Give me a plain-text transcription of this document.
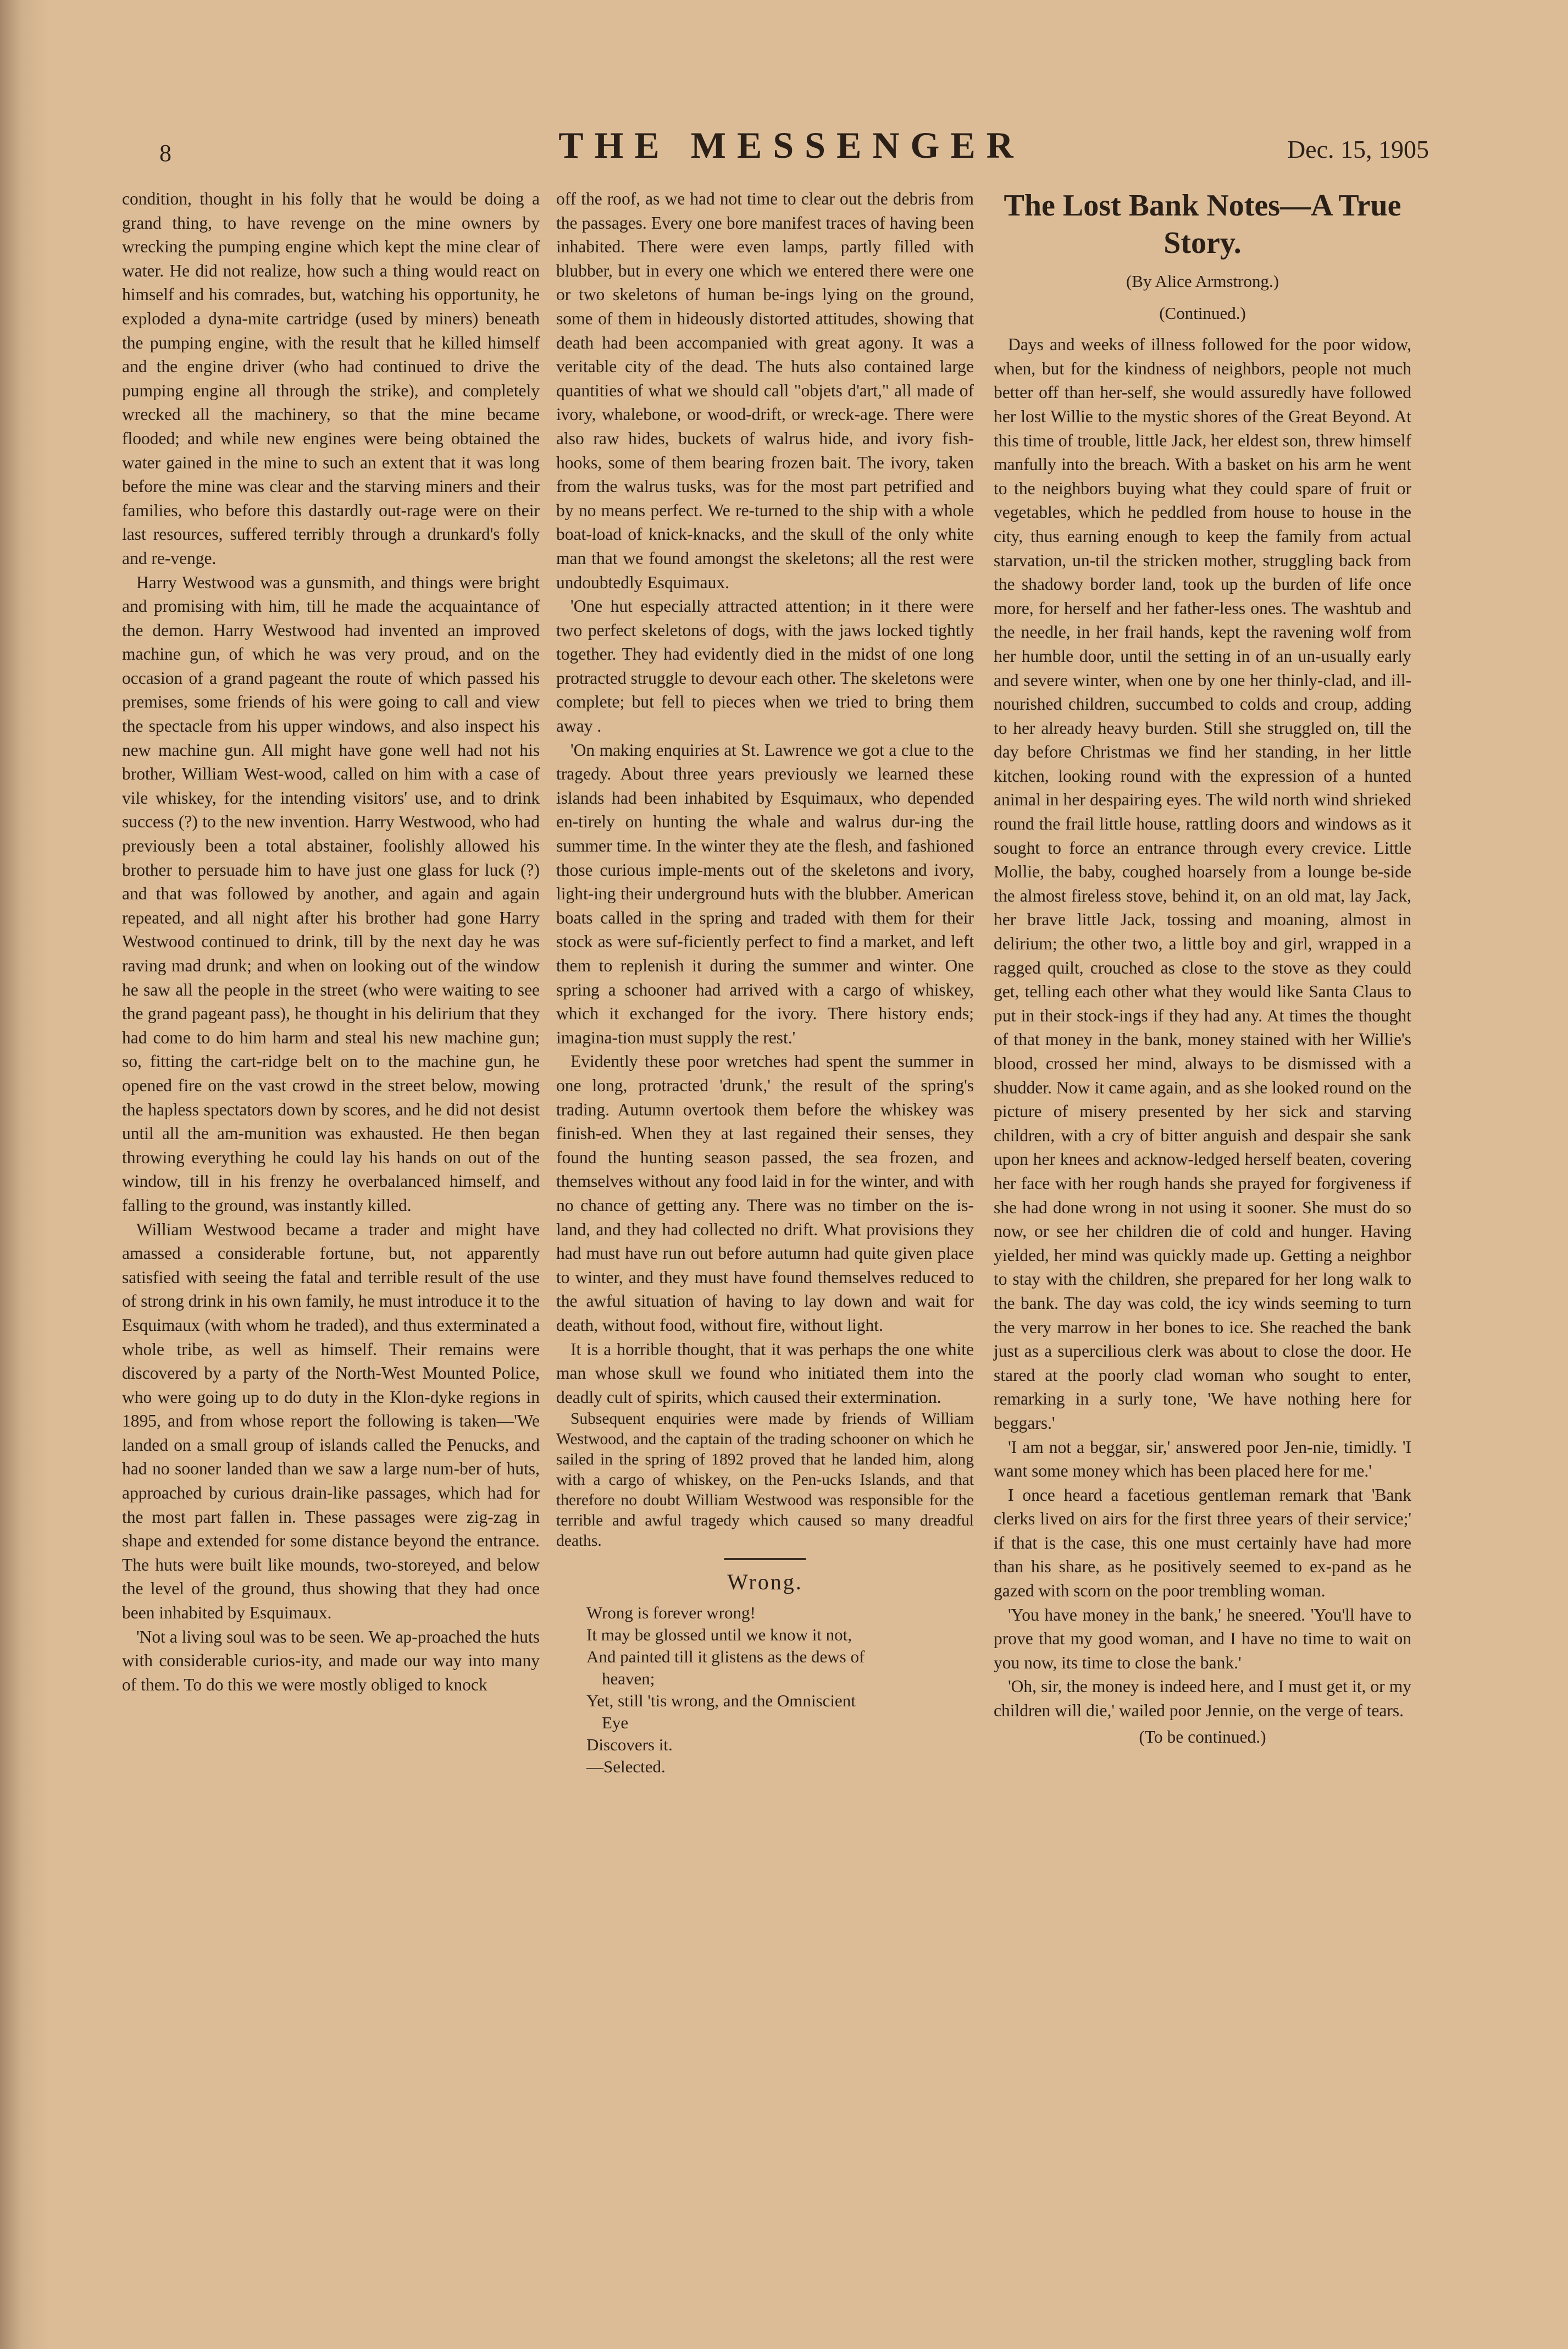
8	THE MESSENGER	Dec. 15, 1905

condition, thought in his folly that he would be doing a grand thing, to have revenge on the mine owners by wrecking the pumping engine which kept the mine clear of water. He did not realize, how such a thing would react on himself and his comrades, but, watching his opportunity, he exploded a dyna-mite cartridge (used by miners) beneath the pumping engine, with the result that he killed himself and the engine driver (who had continued to drive the pumping engine all through the strike), and completely wrecked all the machinery, so that the mine became flooded; and while new engines were being obtained the water gained in the mine to such an extent that it was long before the mine was clear and the starving miners and their families, who before this dastardly out-rage were on their last resources, suffered terribly through a drunkard's folly and re-venge.

Harry Westwood was a gunsmith, and things were bright and promising with him, till he made the acquaintance of the demon. Harry Westwood had invented an improved machine gun, of which he was very proud, and on the occasion of a grand pageant the route of which passed his premises, some friends of his were going to call and view the spectacle from his upper windows, and also inspect his new machine gun. All might have gone well had not his brother, William West-wood, called on him with a case of vile whiskey, for the intending visitors' use, and to drink success (?) to the new invention. Harry Westwood, who had previously been a total abstainer, foolishly allowed his brother to persuade him to have just one glass for luck (?) and that was followed by another, and again and again repeated, and all night after his brother had gone Harry Westwood continued to drink, till by the next day he was raving mad drunk; and when on looking out of the window he saw all the people in the street (who were waiting to see the grand pageant pass), he thought in his delirium that they had come to do him harm and steal his new machine gun; so, fitting the cart-ridge belt on to the machine gun, he opened fire on the vast crowd in the street below, mowing the hapless spectators down by scores, and he did not desist until all the am-munition was exhausted. He then began throwing everything he could lay his hands on out of the window, till in his frenzy he overbalanced himself, and falling to the ground, was instantly killed.

William Westwood became a trader and might have amassed a considerable fortune, but, not apparently satisfied with seeing the fatal and terrible result of the use of strong drink in his own family, he must introduce it to the Esquimaux (with whom he traded), and thus exterminated a whole tribe, as well as himself. Their remains were discovered by a party of the North-West Mounted Police, who were going up to do duty in the Klon-dyke regions in 1895, and from whose report the following is taken—'We landed on a small group of islands called the Penucks, and had no sooner landed than we saw a large num-ber of huts, approached by curious drain-like passages, which had for the most part fallen in. These passages were zig-zag in shape and extended for some distance beyond the entrance. The huts were built like mounds, two-storeyed, and below the level of the ground, thus showing that they had once been inhabited by Esquimaux.

'Not a living soul was to be seen. We ap-proached the huts with considerable curios-ity, and made our way into many of them. To do this we were mostly obliged to knock

off the roof, as we had not time to clear out the debris from the passages. Every one bore manifest traces of having been inhabited. There were even lamps, partly filled with blubber, but in every one which we entered there were one or two skeletons of human be-ings lying on the ground, some of them in hideously distorted attitudes, showing that death had been accompanied with great agony. It was a veritable city of the dead. The huts also contained large quantities of what we should call "objets d'art," all made of ivory, whalebone, or wood-drift, or wreck-age. There were also raw hides, buckets of walrus hide, and ivory fish-hooks, some of them bearing frozen bait. The ivory, taken from the walrus tusks, was for the most part petrified and by no means perfect. We re-turned to the ship with a whole boat-load of knick-knacks, and the skull of the only white man that we found amongst the skeletons; all the rest were undoubtedly Esquimaux.

'One hut especially attracted attention; in it there were two perfect skeletons of dogs, with the jaws locked tightly together. They had evidently died in the midst of one long protracted struggle to devour each other. The skeletons were complete; but fell to pieces when we tried to bring them away .

'On making enquiries at St. Lawrence we got a clue to the tragedy. About three years previously we learned these islands had been inhabited by Esquimaux, who depended en-tirely on hunting the whale and walrus dur-ing the summer time. In the winter they ate the flesh, and fashioned those curious imple-ments out of the skeletons and ivory, light-ing their underground huts with the blubber. American boats called in the spring and traded with them for their stock as were suf-ficiently perfect to find a market, and left them to replenish it during the summer and winter. One spring a schooner had arrived with a cargo of whiskey, which it exchanged for the ivory. There history ends; imagina-tion must supply the rest.'

Evidently these poor wretches had spent the summer in one long, protracted 'drunk,' the result of the spring's trading. Autumn overtook them before the whiskey was finish-ed. When they at last regained their senses, they found the hunting season passed, the sea frozen, and themselves without any food laid in for the winter, and with no chance of getting any. There was no timber on the is-land, and they had collected no drift. What provisions they had must have run out before autumn had quite given place to winter, and they must have found themselves reduced to the awful situation of having to lay down and wait for death, without food, without fire, without light.

It is a horrible thought, that it was perhaps the one white man whose skull we found who initiated them into the deadly cult of spirits, which caused their extermination.

Subsequent enquiries were made by friends of William Westwood, and the captain of the trading schooner on which he sailed in the spring of 1892 proved that he landed him, along with a cargo of whiskey, on the Pen-ucks Islands, and that therefore no doubt William Westwood was responsible for the terrible and awful tragedy which caused so many dreadful deaths.

Wrong.
Wrong is forever wrong!
It may be glossed until we know it not,
And painted till it glistens as the dews of
heaven;
Yet, still 'tis wrong, and the Omniscient
Eye
Discovers it.
—Selected.
The Lost Bank Notes—A True Story.
(By Alice Armstrong.)
(Continued.)

Days and weeks of illness followed for the poor widow, when, but for the kindness of neighbors, people not much better off than her-self, she would assuredly have followed her lost Willie to the mystic shores of the Great Beyond. At this time of trouble, little Jack, her eldest son, threw himself manfully into the breach. With a basket on his arm he went to the neighbors buying what they could spare of fruit or vegetables, which he peddled from house to house in the city, thus earning enough to keep the family from actual starvation, un-til the stricken mother, struggling back from the shadowy border land, took up the burden of life once more, for herself and her father-less ones. The washtub and the needle, in her frail hands, kept the ravening wolf from her humble door, until the setting in of an un-usually early and severe winter, when one by one her thinly-clad, and ill-nourished children, succumbed to colds and croup, adding to her already heavy burden. Still she struggled on, till the day before Christmas we find her standing, in her little kitchen, looking round with the expression of a hunted animal in her despairing eyes. The wild north wind shrieked round the frail little house, rattling doors and windows as it sought to force an entrance through every crevice. Little Mollie, the baby, coughed hoarsely from a lounge be-side the almost fireless stove, behind it, on an old mat, lay Jack, her brave little Jack, tossing and moaning, almost in delirium; the other two, a little boy and girl, wrapped in a ragged quilt, crouched as close to the stove as they could get, telling each other what they would like Santa Claus to put in their stock-ings if they had any. At times the thought of that money in the bank, money stained with her Willie's blood, crossed her mind, always to be dismissed with a shudder. Now it came again, and as she looked round on the picture of misery presented by her sick and starving children, with a cry of bitter anguish and despair she sank upon her knees and acknow-ledged herself beaten, covering her face with her rough hands she prayed for forgiveness if she had done wrong in not using it sooner. She must do so now, or see her children die of cold and hunger. Having yielded, her mind was quickly made up. Getting a neighbor to stay with the children, she prepared for her long walk to the bank. The day was cold, the icy winds seeming to turn the very marrow in her bones to ice. She reached the bank just as a supercilious clerk was about to close the door. He stared at the poorly clad woman who sought to enter, remarking in a surly tone, 'We have nothing here for beggars.'

'I am not a beggar, sir,' answered poor Jen-nie, timidly. 'I want some money which has been placed here for me.'

I once heard a facetious gentleman remark that 'Bank clerks lived on airs for the first three years of their service;' if that is the case, this one must certainly have had more than his share, as he positively seemed to ex-pand as he gazed with scorn on the poor trembling woman.

'You have money in the bank,' he sneered. 'You'll have to prove that my good woman, and I have no time to wait on you now, its time to close the bank.'

'Oh, sir, the money is indeed here, and I must get it, or my children will die,' wailed poor Jennie, on the verge of tears.

(To be continued.)
